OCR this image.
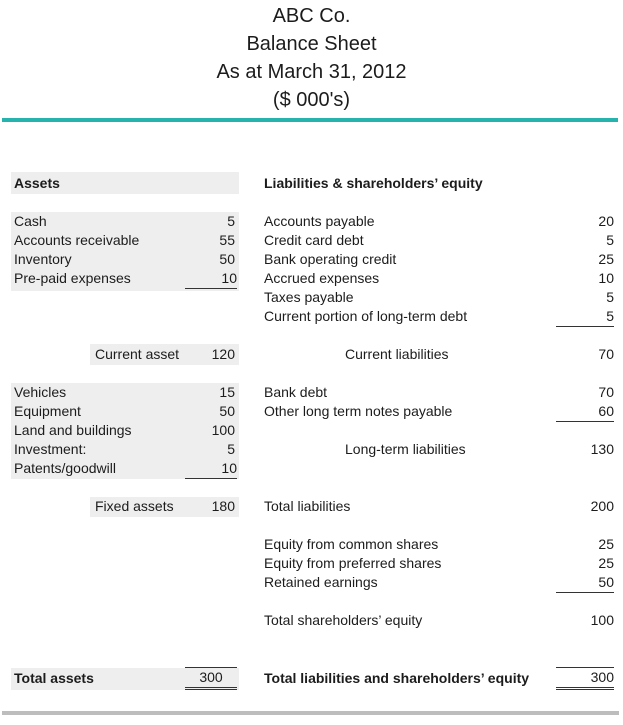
ABC Co.
Balance Sheet
As at March 31, 2012
($ 000's)
Assets
Cash	5
Accounts receivable	55
Inventory	50
Pre-paid expenses	10
Current asset	120
Vehicles	15
Equipment	50
Land and buildings	100
Investment:	5
Patents/goodwill	10
Fixed assets	180
Total assets	300
Liabilities & shareholders’ equity
Accounts payable	20
Credit card debt	5
Bank operating credit	25
Accrued expenses	10
Taxes payable	5
Current portion of long-term debt	5
Current liabilities	70
Bank debt	70
Other long term notes payable	60
Long-term liabilities	130
Total liabilities	200
Equity from common shares	25
Equity from preferred shares	25
Retained earnings	50
Total shareholders’ equity	100
Total liabilities and shareholders’ equity	300
